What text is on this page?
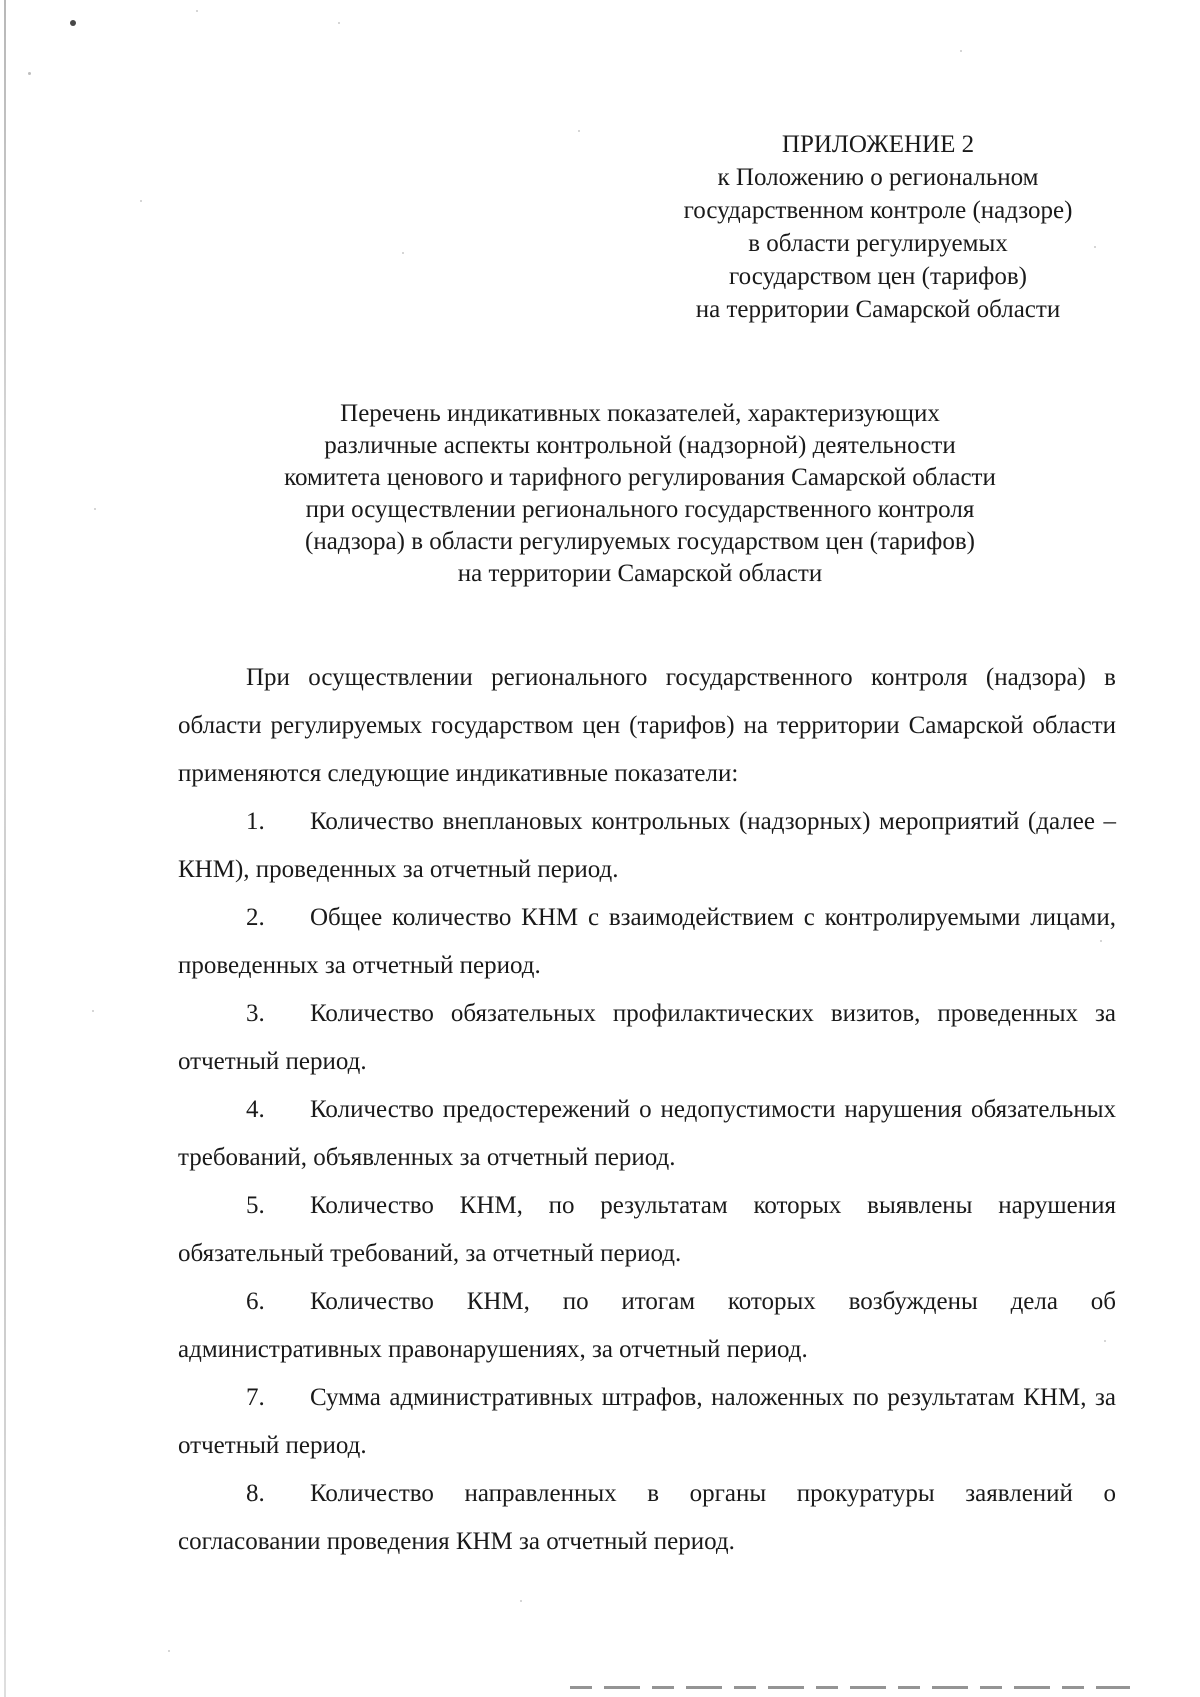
ПРИЛОЖЕНИЕ 2
к Положению о региональном
государственном контроле (надзоре)
в области регулируемых
государством цен (тарифов)
на территории Самарской области
Перечень индикативных показателей, характеризующих
различные аспекты контрольной (надзорной) деятельности
комитета ценового и тарифного регулирования Самарской области
при осуществлении регионального государственного контроля
(надзора) в области регулируемых государством цен (тарифов)
на территории Самарской области

При осуществлении регионального государственного контроля (надзора) в области регулируемых государством цен (тарифов) на территории Самарской области применяются следующие индикативные показатели:

1. Количество внеплановых контрольных (надзорных) мероприятий (далее – КНМ), проведенных за отчетный период.

2. Общее количество КНМ с взаимодействием с контролируемыми лицами, проведенных за отчетный период.

3. Количество обязательных профилактических визитов, проведенных за отчетный период.

4. Количество предостережений о недопустимости нарушения обязательных требований, объявленных за отчетный период.

5. Количество КНМ, по результатам которых выявлены нарушения обязательный требований, за отчетный период.

6. Количество КНМ, по итогам которых возбуждены дела об административных правонарушениях, за отчетный период.

7. Сумма административных штрафов, наложенных по результатам КНМ, за отчетный период.

8. Количество направленных в органы прокуратуры заявлений о согласовании проведения КНМ за отчетный период.
